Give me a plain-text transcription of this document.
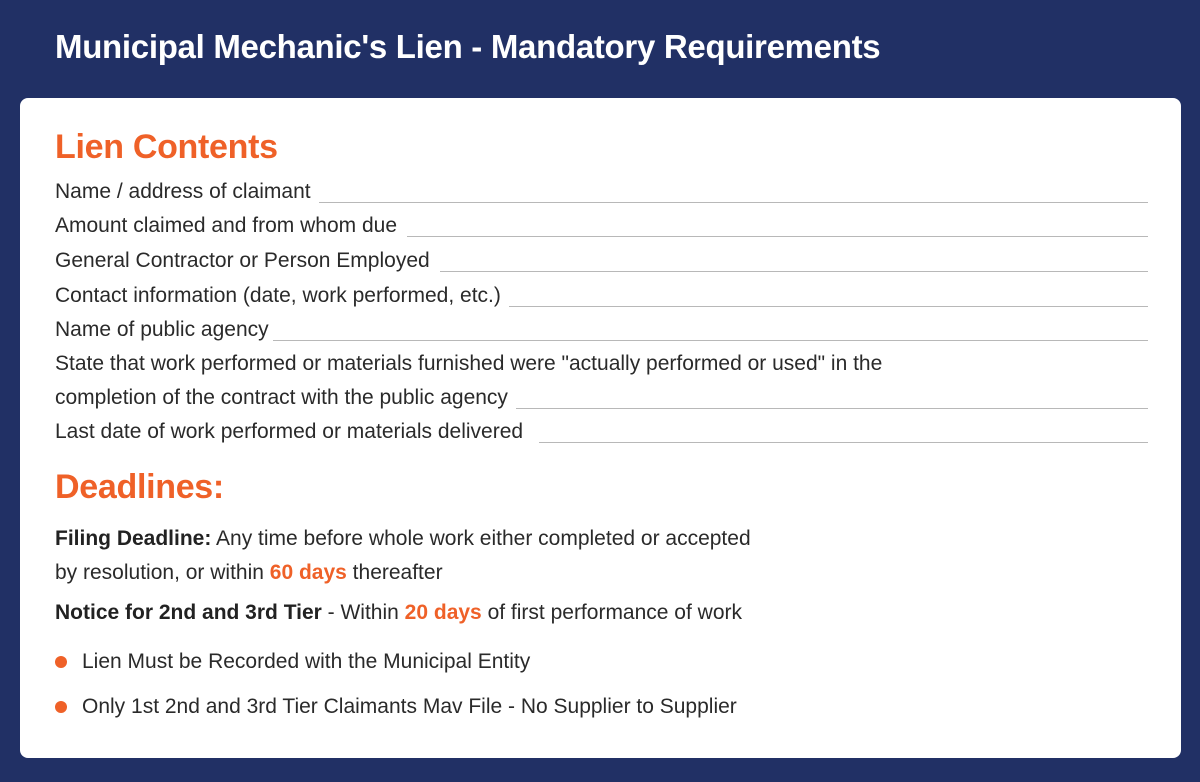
Municipal Mechanic's Lien - Mandatory Requirements
Lien Contents
Name / address of claimant
Amount claimed and from whom due
General Contractor or Person Employed
Contact information (date, work performed, etc.)
Name of public agency
State that work performed or materials furnished were "actually performed or used" in the
completion of the contract with the public agency
Last date of work performed or materials delivered
Deadlines:
Filing Deadline: Any time before whole work either completed or accepted
by resolution, or within 60 days thereafter
Notice for 2nd and 3rd Tier - Within 20 days of first performance of work
Lien Must be Recorded with the Municipal Entity
Only 1st 2nd and 3rd Tier Claimants Mav File - No Supplier to Supplier
